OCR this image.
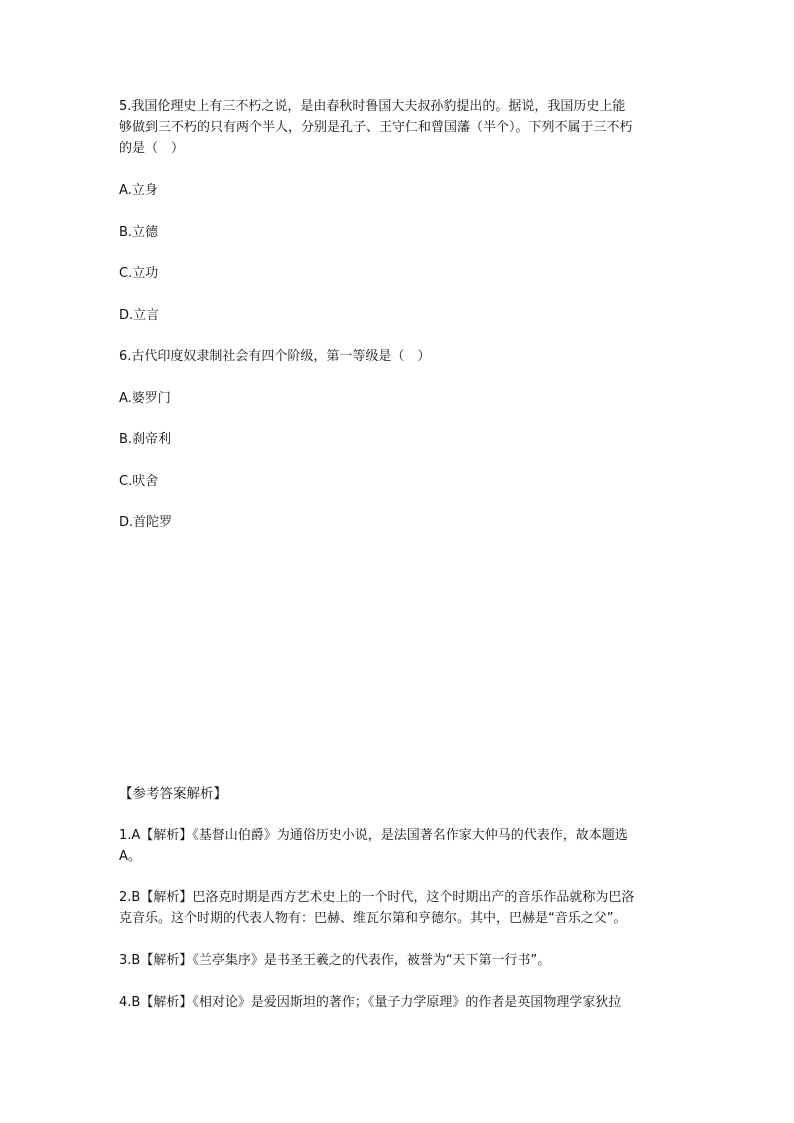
5.我国伦理史上有三不朽之说，是由春秋时鲁国大夫叔孙豹提出的。据说，我国历史上能
够做到三不朽的只有两个半人，分别是孔子、王守仁和曾国藩（半个）。下列不属于三不朽
的是（　）
A.立身
B.立德
C.立功
D.立言
6.古代印度奴隶制社会有四个阶级，第一等级是（　）
A.婆罗门
B.刹帝利
C.吠舍
D.首陀罗
【参考答案解析】
1.A【解析】《基督山伯爵》为通俗历史小说，是法国著名作家大仲马的代表作，故本题选
A。
2.B【解析】巴洛克时期是西方艺术史上的一个时代，这个时期出产的音乐作品就称为巴洛
克音乐。这个时期的代表人物有：巴赫、维瓦尔第和亨德尔。其中，巴赫是“音乐之父”。
3.B【解析】《兰亭集序》是书圣王羲之的代表作，被誉为“天下第一行书”。
4.B【解析】《相对论》是爱因斯坦的著作；《量子力学原理》的作者是英国物理学家狄拉
